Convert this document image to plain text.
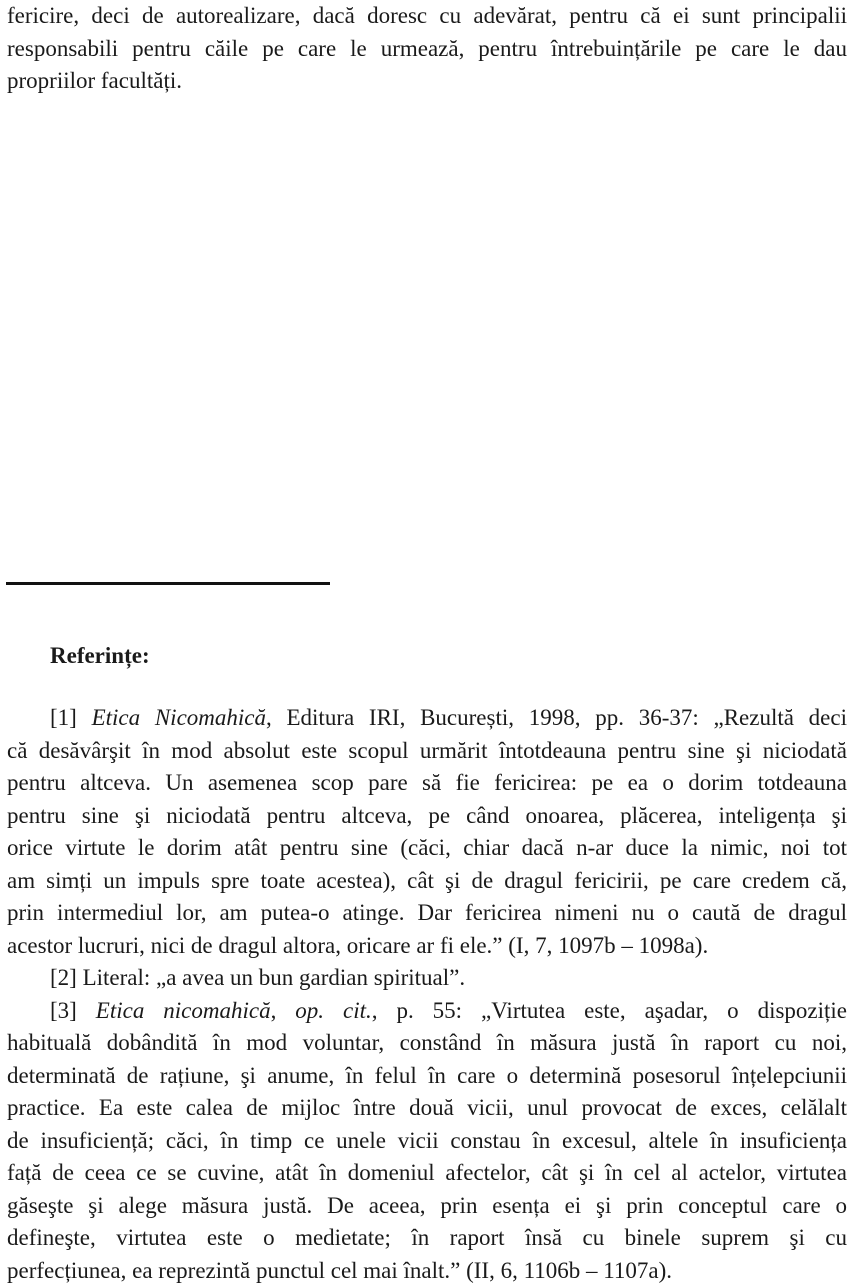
fericire, deci de autorealizare, dacă doresc cu adevărat, pentru că ei sunt principalii
responsabili pentru căile pe care le urmează, pentru întrebuințările pe care le dau
propriilor facultăți.
Referințe:
[1] Etica Nicomahică, Editura IRI, București, 1998, pp. 36-37: „Rezultă deci
că desăvârşit în mod absolut este scopul urmărit întotdeauna pentru sine şi niciodată
pentru altceva. Un asemenea scop pare să fie fericirea: pe ea o dorim totdeauna
pentru sine şi niciodată pentru altceva, pe când onoarea, plăcerea, inteligența şi
orice virtute le dorim atât pentru sine (căci, chiar dacă n-ar duce la nimic, noi tot
am simți un impuls spre toate acestea), cât şi de dragul fericirii, pe care credem că,
prin intermediul lor, am putea-o atinge. Dar fericirea nimeni nu o caută de dragul
acestor lucruri, nici de dragul altora, oricare ar fi ele.” (I, 7, 1097b – 1098a).
[2] Literal: „a avea un bun gardian spiritual”.
[3] Etica nicomahică, op. cit., p. 55: „Virtutea este, aşadar, o dispoziție
habituală dobândită în mod voluntar, constând în măsura justă în raport cu noi,
determinată de rațiune, şi anume, în felul în care o determină posesorul înțelepciunii
practice. Ea este calea de mijloc între două vicii, unul provocat de exces, celălalt
de insuficiență; căci, în timp ce unele vicii constau în excesul, altele în insuficiența
față de ceea ce se cuvine, atât în domeniul afectelor, cât şi în cel al actelor, virtutea
găseşte şi alege măsura justă. De aceea, prin esența ei şi prin conceptul care o
defineşte, virtutea este o medietate; în raport însă cu binele suprem şi cu
perfecțiunea, ea reprezintă punctul cel mai înalt.” (II, 6, 1106b – 1107a).
